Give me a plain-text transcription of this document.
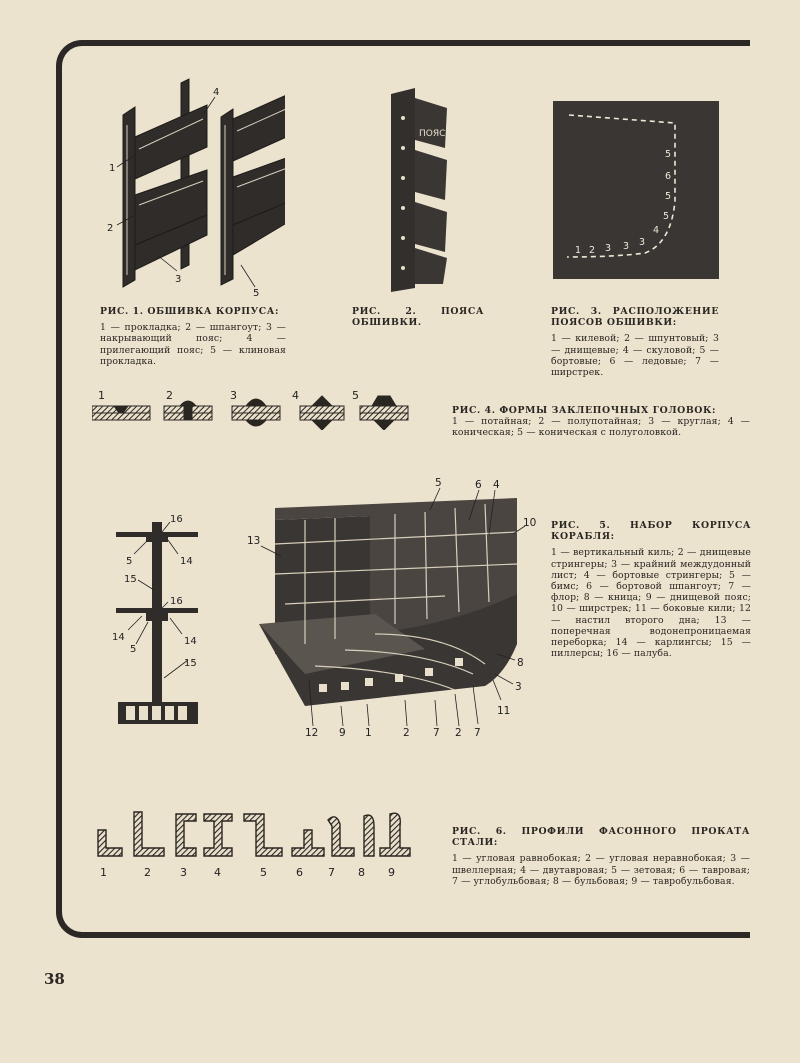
1
2
3
4
5
РИС. 1. ОБШИВКА КОРПУСА:
1 — прокладка; 2 — шпангоут; 3 — накрывающий пояс; 4 — прилегающий пояс; 5 — клиновая прокладка.
ПОЯС
РИС. 2. ПОЯСА ОБШИВКИ.
1 2 3 3 3
4
5
5
6
5
РИС. 3. РАСПОЛОЖЕНИЕ ПОЯСОВ ОБШИВКИ:
1 — килевой; 2 — шпунтовый; 3 — днищевые; 4 — скуловой; 5 — бортовые; 6 — ледовые; 7 — ширстрек.
1	2	3	4	5
РИС. 4. ФОРМЫ ЗАКЛЕПОЧНЫХ ГОЛОВОК:
1 — потайная; 2 — полупотайная; 3 — круглая; 4 — коническая; 5 — коническая с полуголовкой.
16
5	14
15
16
14
5
14
15
5	6 4
10
13
8
3
11
7
2
7
2
1
9
12
РИС. 5. НАБОР КОРПУСА КОРАБЛЯ:
1 — вертикальный киль; 2 — днищевые стрингеры; 3 — крайний междудонный лист; 4 — бортовые стрингеры; 5 — бимс; 6 — бортовой шпангоут; 7 — флор; 8 — кница; 9 — днищевой пояс; 10 — ширстрек; 11 — боковые кили; 12 — настил второго дна; 13 — поперечная водонепроницаемая переборка; 14 — карлингсы; 15 — пиллерсы; 16 — палуба.
1	2	3 4	5	6 7 8 9
РИС. 6. ПРОФИЛИ ФАСОННОГО ПРОКАТА СТАЛИ:
1 — угловая равнобокая; 2 — угловая неравнобокая; 3 — швеллерная; 4 — двутавровая; 5 — зетовая; 6 — тавровая; 7 — углобульбовая; 8 — бульбовая; 9 — тавробульбовая.
38
